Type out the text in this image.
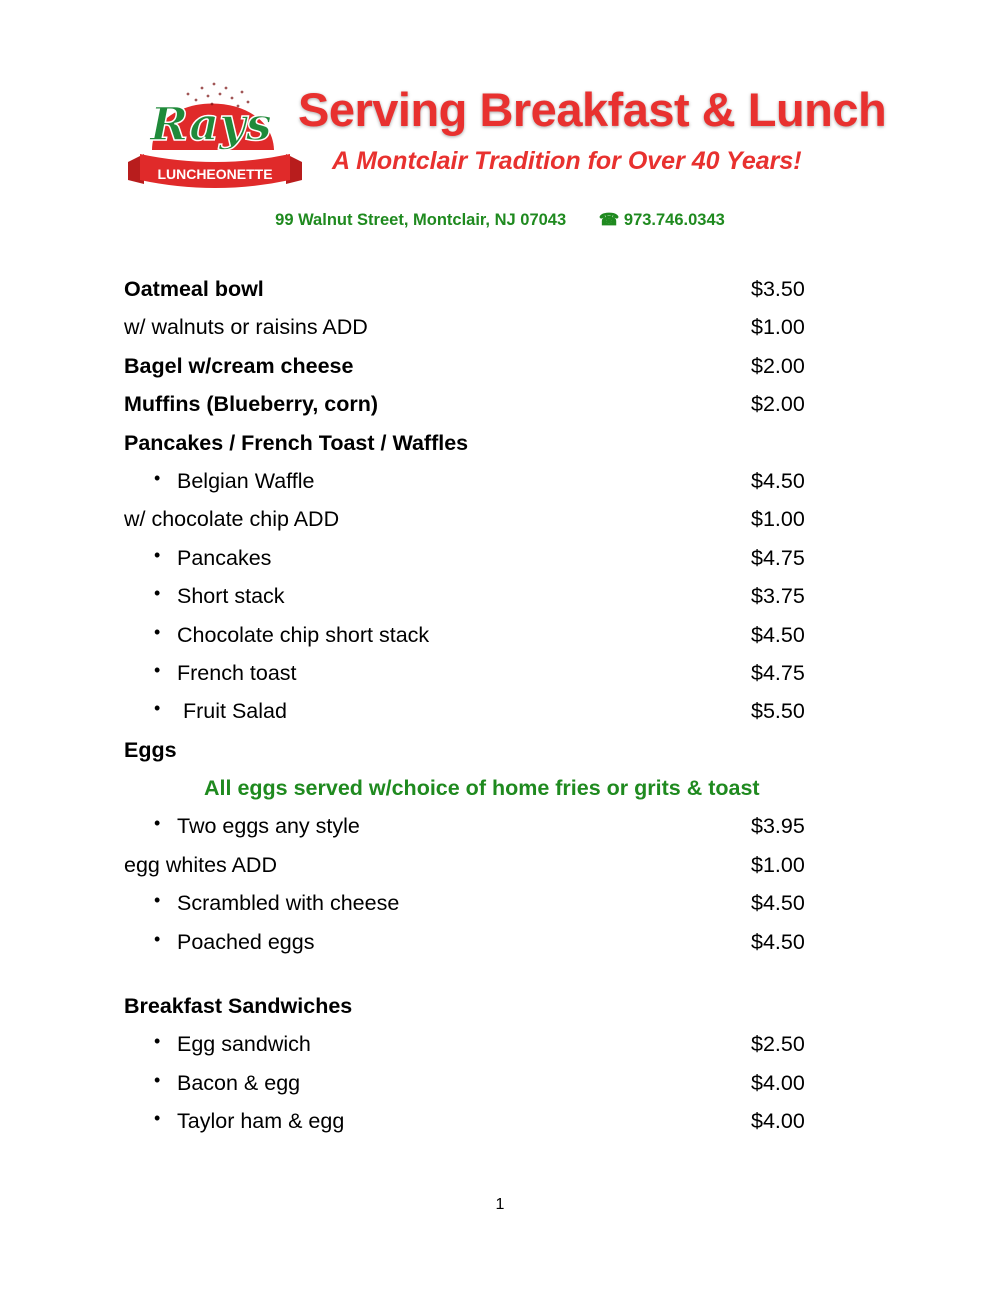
Rays
LUNCHEONETTE
Serving Breakfast & Lunch
A Montclair Tradition for Over 40 Years!
99 Walnut Street, Montclair, NJ 07043 ☎ 973.746.0343
Oatmeal bowl	$3.50
w/ walnuts or raisins ADD	$1.00
Bagel w/cream cheese	$2.00
Muffins (Blueberry, corn)	$2.00
Pancakes / French Toast / Waffles
• Belgian Waffle	$4.50
w/ chocolate chip ADD	$1.00
• Pancakes	$4.75
• Short stack	$3.75
• Chocolate chip short stack	$4.50
• French toast	$4.75
• Fruit Salad	$5.50
Eggs
All eggs served w/choice of home fries or grits & toast
• Two eggs any style	$3.95
egg whites ADD	$1.00
• Scrambled with cheese	$4.50
• Poached eggs	$4.50
Breakfast Sandwiches
• Egg sandwich	$2.50
• Bacon & egg	$4.00
• Taylor ham & egg	$4.00
1
